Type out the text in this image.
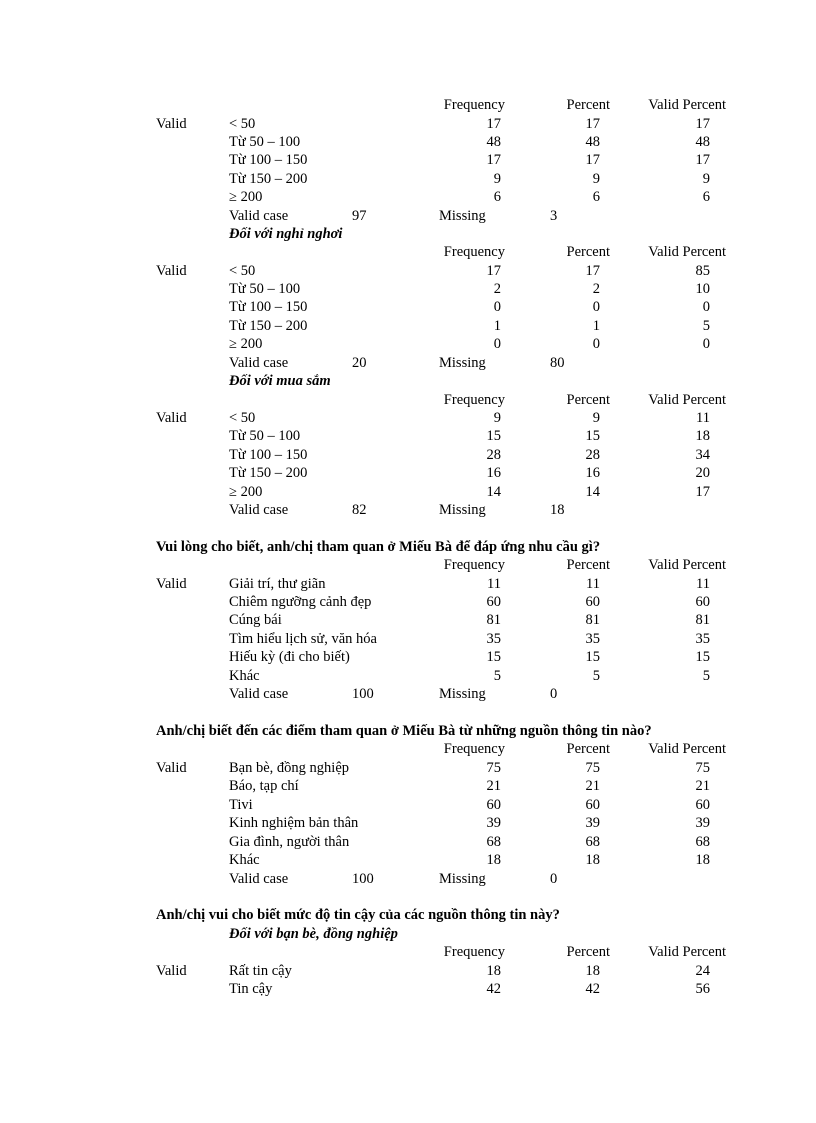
Frequency	Percent	Valid Percent
Valid	< 50	17	17	17
Từ 50 – 100	48	48	48
Từ 100 – 150	17	17	17
Từ 150 – 200	9	9	9
≥ 200	6	6	6
Valid case	97	Missing	3
Đối với nghỉ nghơi
Frequency	Percent	Valid Percent
Valid	< 50	17	17	85
Từ 50 – 100	2	2	10
Từ 100 – 150	0	0	0
Từ 150 – 200	1	1	5
≥ 200	0	0	0
Valid case	20	Missing	80
Đối với mua sắm
Frequency	Percent	Valid Percent
Valid	< 50	9	9	11
Từ 50 – 100	15	15	18
Từ 100 – 150	28	28	34
Từ 150 – 200	16	16	20
≥ 200	14	14	17
Valid case	82	Missing	18
Vui lòng cho biết, anh/chị tham quan ở Miếu Bà để đáp ứng nhu cầu gì?
Frequency	Percent	Valid Percent
Valid	Giải trí, thư giãn	11	11	11
Chiêm ngưỡng cảnh đẹp	60	60	60
Cúng bái	81	81	81
Tìm hiểu lịch sử, văn hóa	35	35	35
Hiếu kỳ (đi cho biết)	15	15	15
Khác	5	5	5
Valid case	100	Missing	0
Anh/chị biết đến các điểm tham quan ở Miếu Bà từ những nguồn thông tin nào?
Frequency	Percent	Valid Percent
Valid	Bạn bè, đồng nghiệp	75	75	75
Báo, tạp chí	21	21	21
Tivi	60	60	60
Kinh nghiệm bản thân	39	39	39
Gia đình, người thân	68	68	68
Khác	18	18	18
Valid case	100	Missing	0
Anh/chị vui cho biết mức độ tin cậy của các nguồn thông tin này?
Đối với bạn bè, đồng nghiệp
Frequency	Percent	Valid Percent
Valid	Rất tin cậy	18	18	24
Tin cậy	42	42	56
